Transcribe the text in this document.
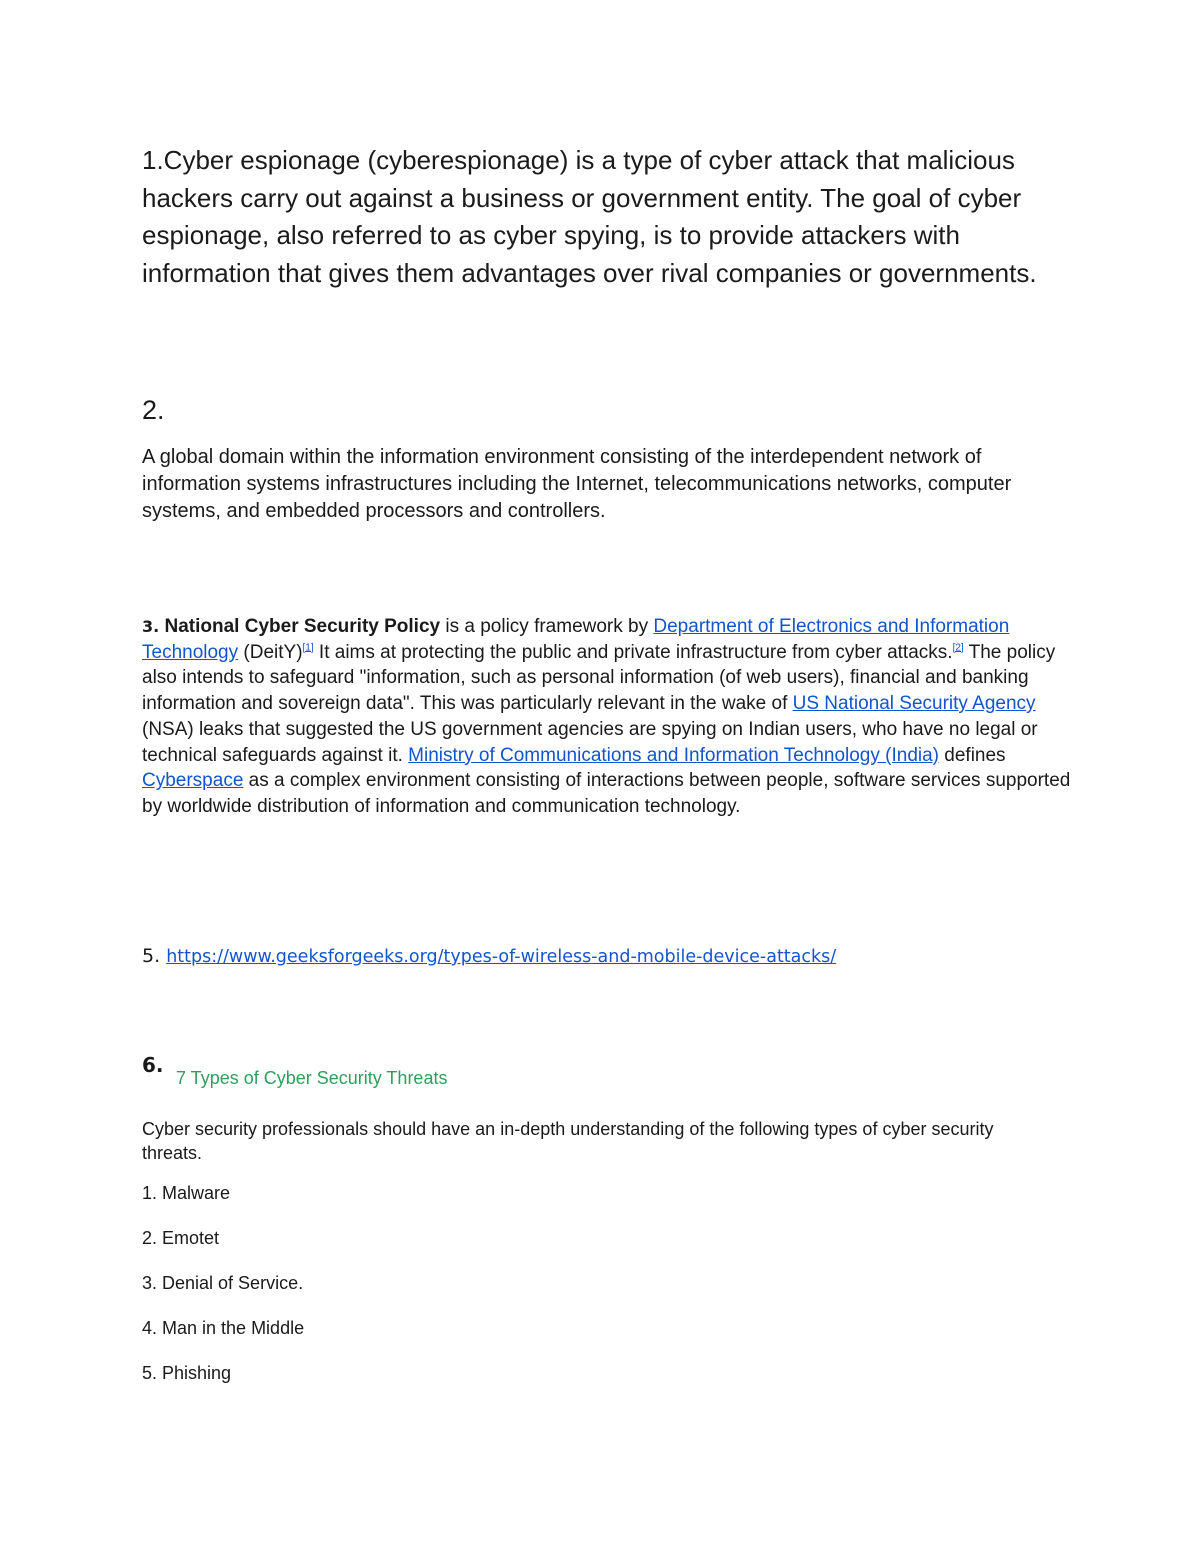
1.Cyber espionage (cyberespionage) is a type of cyber attack that malicious hackers carry out against a business or government entity. The goal of cyber espionage, also referred to as cyber spying, is to provide attackers with information that gives them advantages over rival companies or governments.

2.

A global domain within the information environment consisting of the interdependent network of information systems infrastructures including the Internet, telecommunications networks, computer systems, and embedded processors and controllers.

3. National Cyber Security Policy is a policy framework by Department of Electronics and Information Technology (DeitY)[1] It aims at protecting the public and private infrastructure from cyber attacks.[2] The policy also intends to safeguard "information, such as personal information (of web users), financial and banking information and sovereign data". This was particularly relevant in the wake of US National Security Agency (NSA) leaks that suggested the US government agencies are spying on Indian users, who have no legal or technical safeguards against it. Ministry of Communications and Information Technology (India) defines Cyberspace as a complex environment consisting of interactions between people, software services supported by worldwide distribution of information and communication technology.

5. https://www.geeksforgeeks.org/types-of-wireless-and-mobile-device-attacks/

6.

7 Types of Cyber Security Threats

Cyber security professionals should have an in-depth understanding of the following types of cyber security threats.

1. Malware
2. Emotet
3. Denial of Service.
4. Man in the Middle
5. Phishing
